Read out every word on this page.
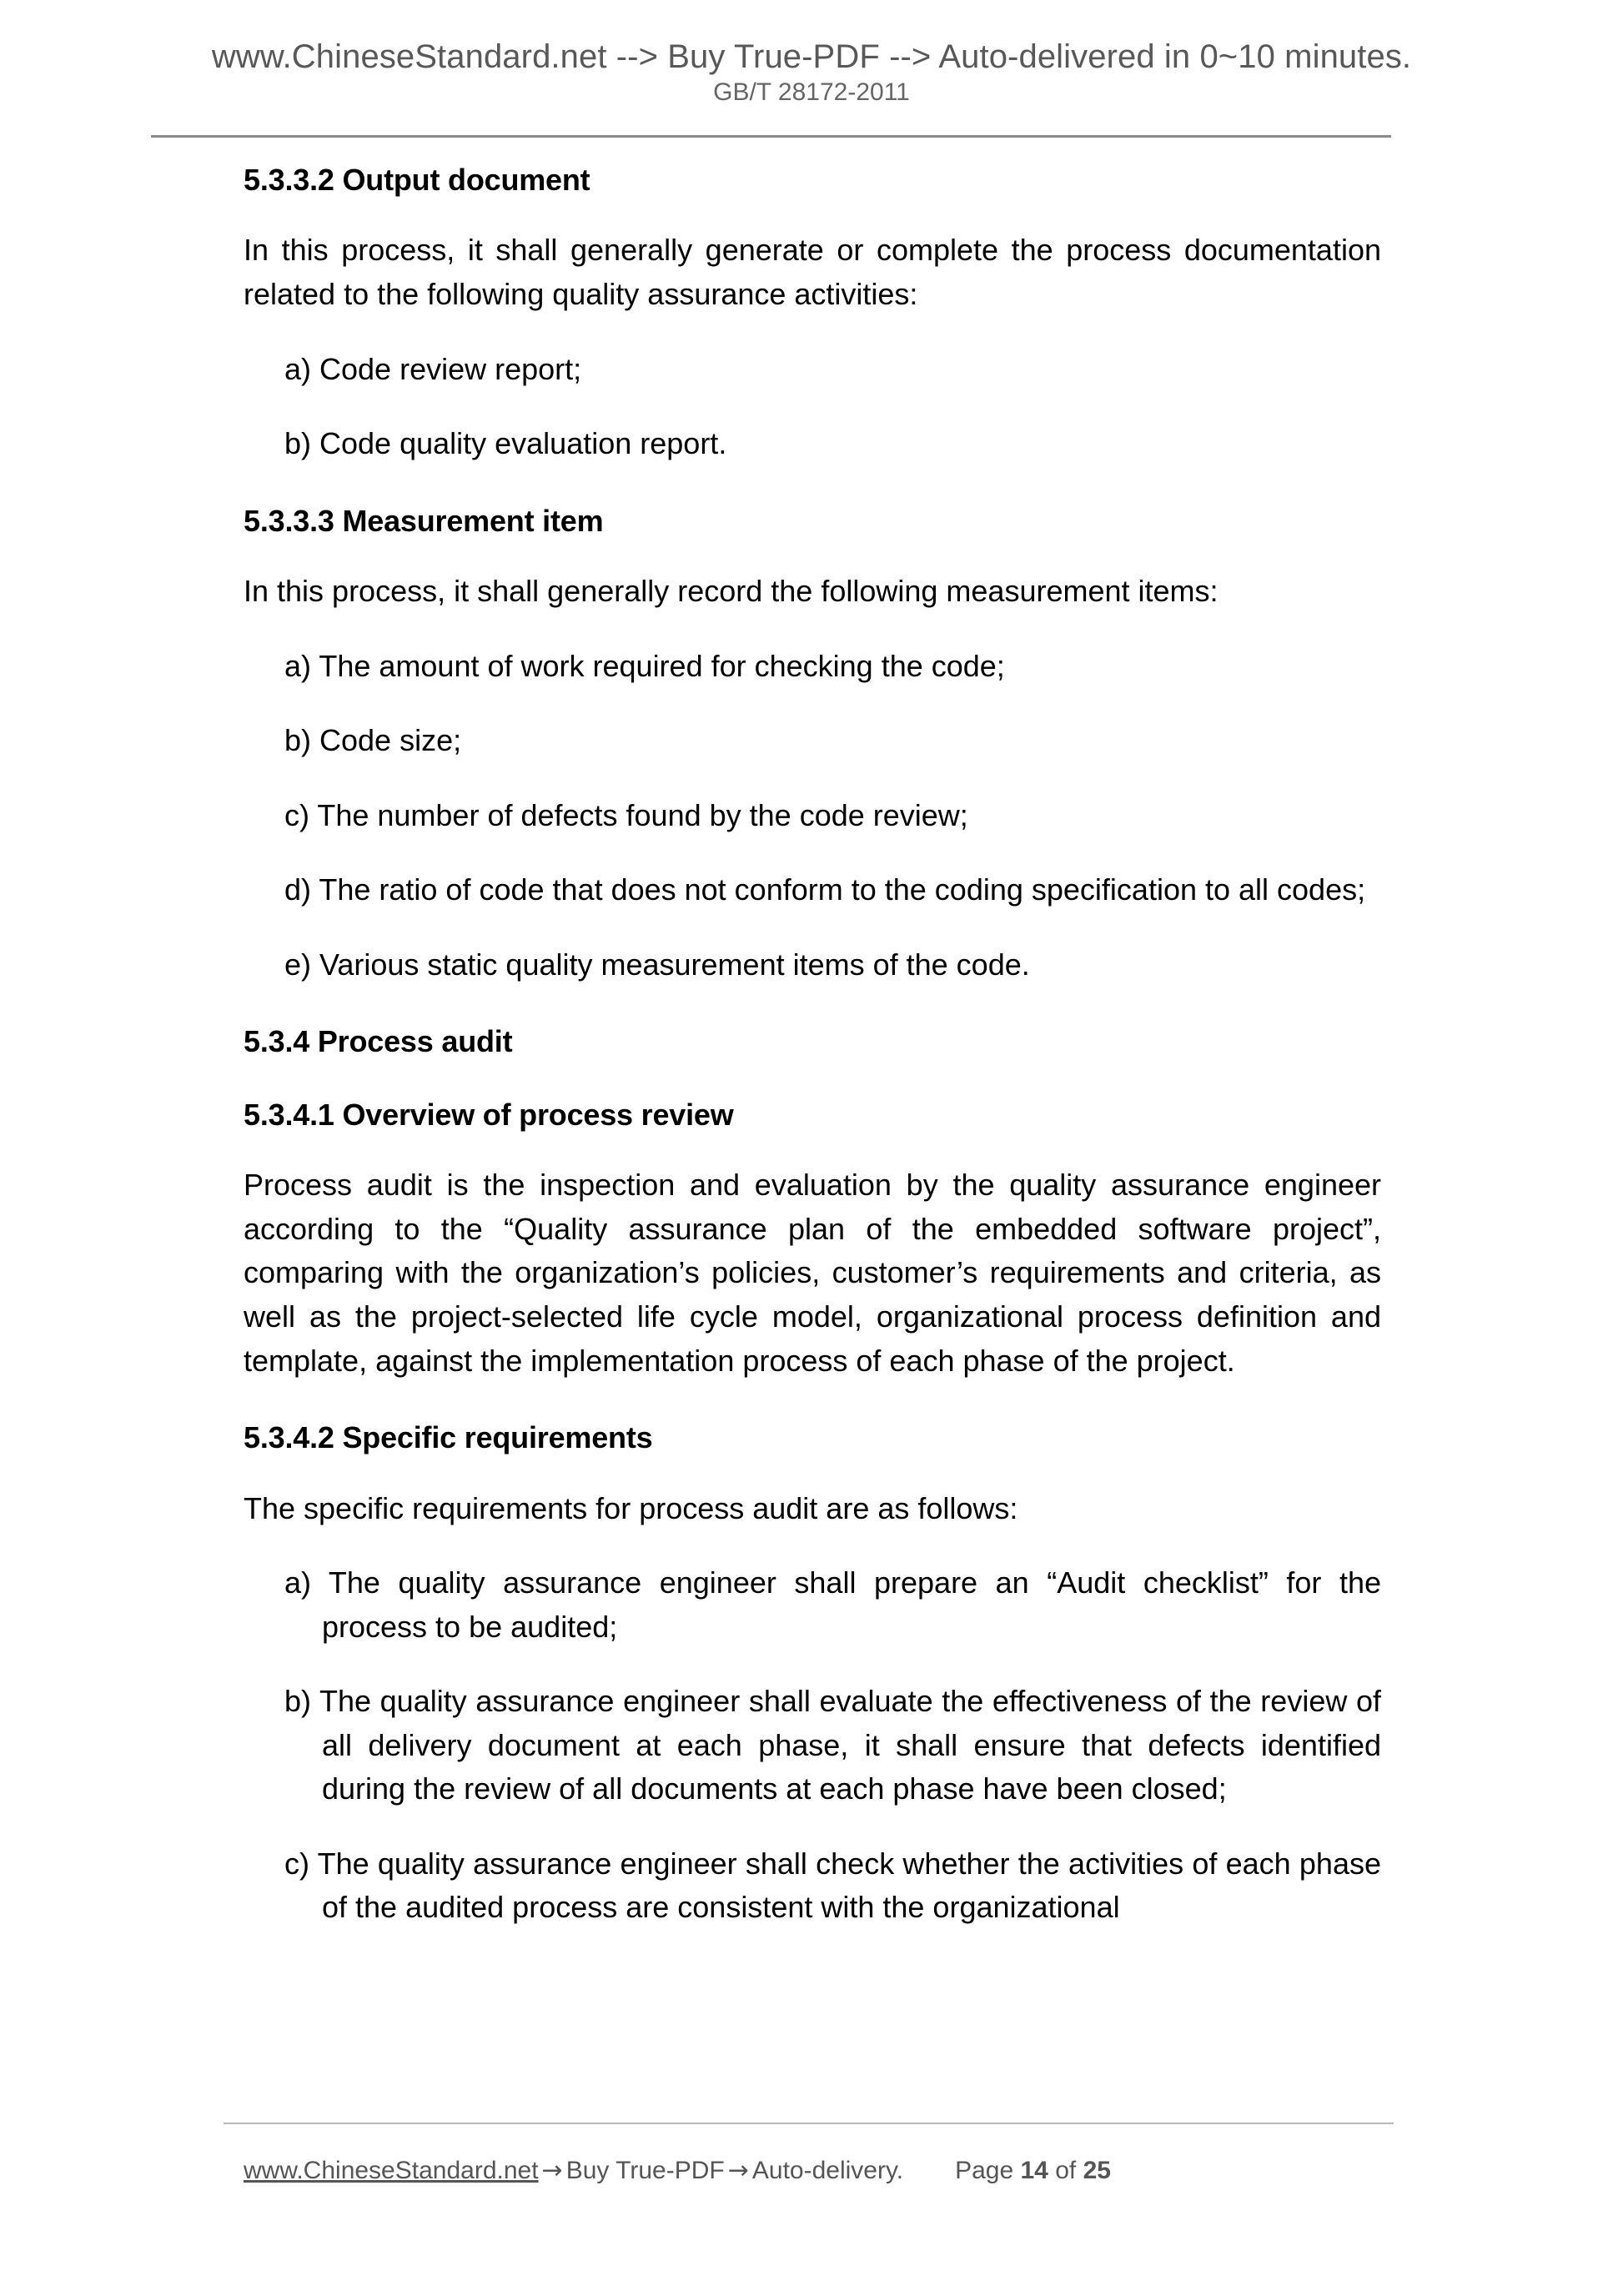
www.ChineseStandard.net --> Buy True-PDF --> Auto-delivered in 0~10 minutes.
GB/T 28172-2011
5.3.3.2 Output document

In this process, it shall generally generate or complete the process documentation related to the following quality assurance activities:

a) Code review report;

b) Code quality evaluation report.

5.3.3.3 Measurement item

In this process, it shall generally record the following measurement items:

a) The amount of work required for checking the code;

b) Code size;

c) The number of defects found by the code review;

d) The ratio of code that does not conform to the coding specification to all codes;

e) Various static quality measurement items of the code.

5.3.4 Process audit
5.3.4.1 Overview of process review

Process audit is the inspection and evaluation by the quality assurance engineer according to the “Quality assurance plan of the embedded software project”, comparing with the organization’s policies, customer’s requirements and criteria, as well as the project-selected life cycle model, organizational process definition and template, against the implementation process of each phase of the project.

5.3.4.2 Specific requirements

The specific requirements for process audit are as follows:

a) The quality assurance engineer shall prepare an “Audit checklist” for the process to be audited;

b) The quality assurance engineer shall evaluate the effectiveness of the review of all delivery document at each phase, it shall ensure that defects identified during the review of all documents at each phase have been closed;

c) The quality assurance engineer shall check whether the activities of each phase of the audited process are consistent with the organizational

www.ChineseStandard.net → Buy True-PDF → Auto-delivery. Page 14 of 25
